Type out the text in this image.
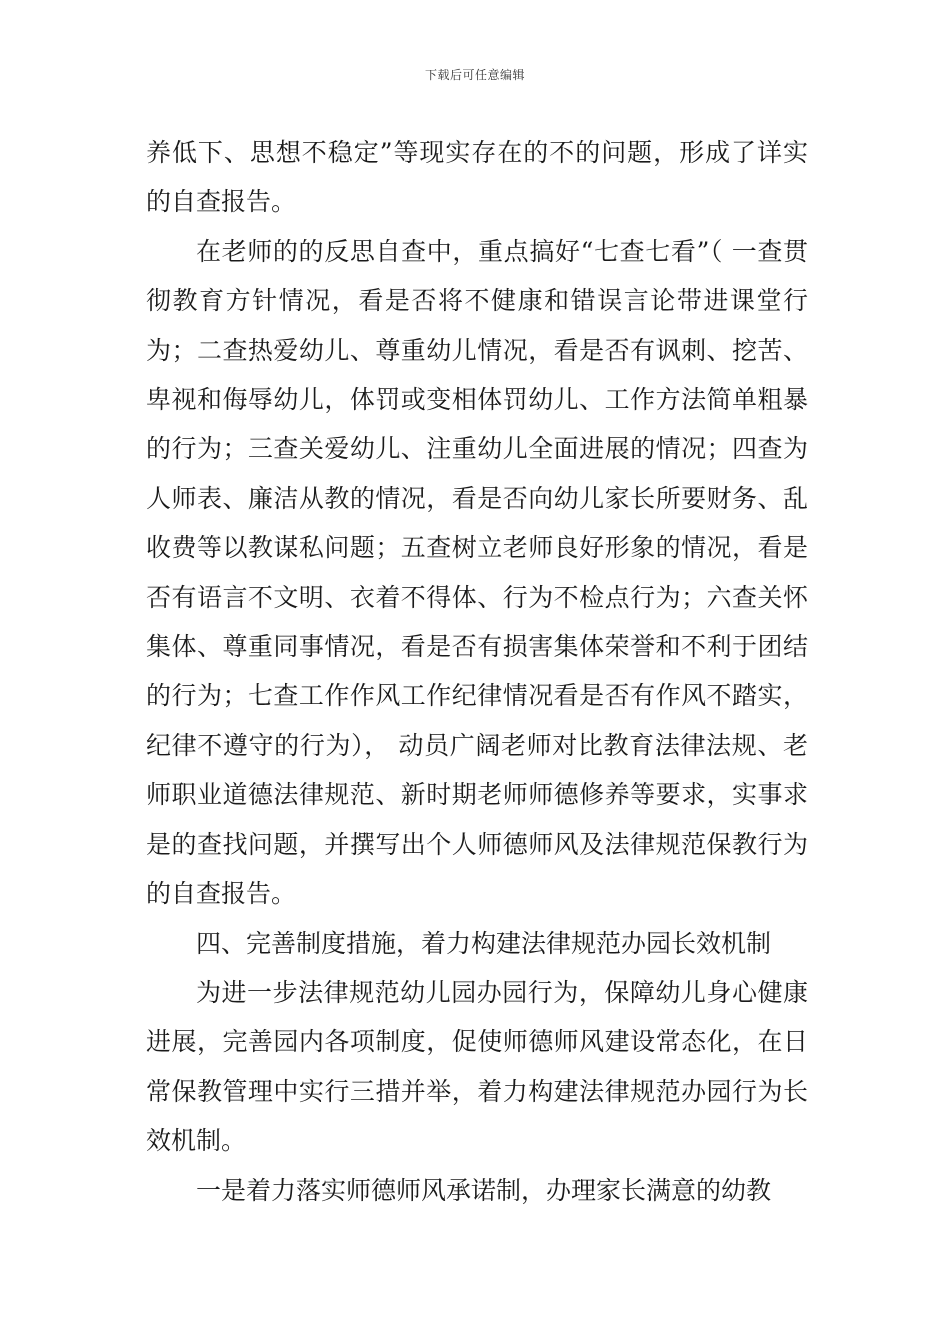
下载后可任意编辑

养低下、思想不稳定”等现实存在的不的问题，形成了详实的自查报告。

在老师的的反思自查中，重点搞好“七查七看”（ 一查贯彻教育方针情况，看是否将不健康和错误言论带进课堂行为；二查热爱幼儿、尊重幼儿情况，看是否有讽刺、挖苦、卑视和侮辱幼儿，体罚或变相体罚幼儿、工作方法简单粗暴的行为；三查关爱幼儿、注重幼儿全面进展的情况；四查为人师表、廉洁从教的情况，看是否向幼儿家长所要财务、乱收费等以教谋私问题；五查树立老师良好形象的情况，看是否有语言不文明、衣着不得体、行为不检点行为；六查关怀集体、尊重同事情况，看是否有损害集体荣誉和不利于团结的行为；七查工作作风工作纪律情况看是否有作风不踏实，纪律不遵守的行为）， 动员广阔老师对比教育法律法规、老师职业道德法律规范、新时期老师师德修养等要求，实事求是的查找问题，并撰写出个人师德师风及法律规范保教行为的自查报告。

四、完善制度措施，着力构建法律规范办园长效机制

为进一步法律规范幼儿园办园行为，保障幼儿身心健康进展，完善园内各项制度，促使师德师风建设常态化，在日常保教管理中实行三措并举，着力构建法律规范办园行为长效机制。

一是着力落实师德师风承诺制，办理家长满意的幼教
